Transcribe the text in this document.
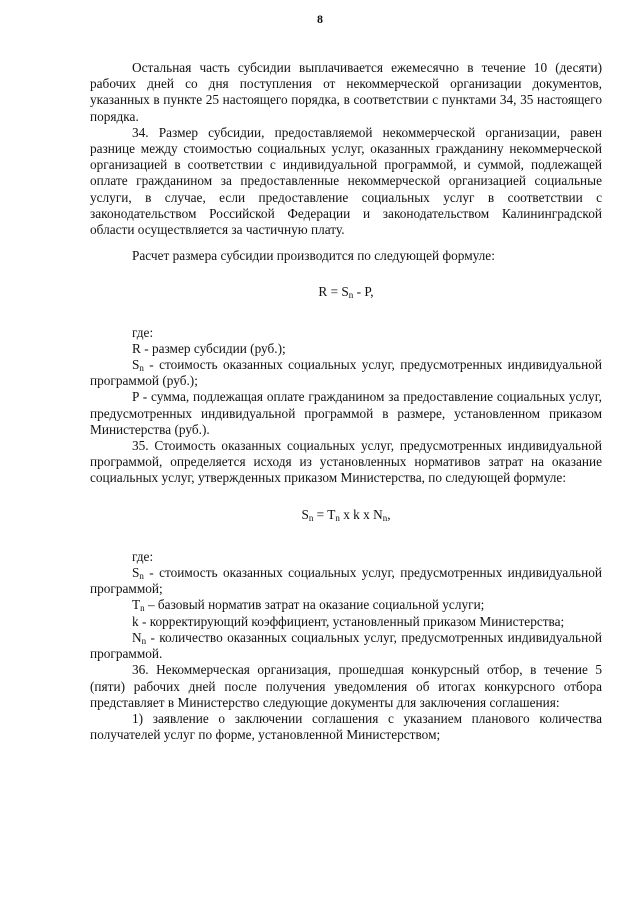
8

Остальная часть субсидии выплачивается ежемесячно в течение 10 (десяти) рабочих дней со дня поступления от некоммерческой организации документов, указанных в пункте 25 настоящего порядка, в соответствии с пунктами 34, 35 настоящего порядка.

34. Размер субсидии, предоставляемой некоммерческой организации, равен разнице между стоимостью социальных услуг, оказанных гражданину некоммерческой организацией в соответствии с индивидуальной программой, и суммой, подлежащей оплате гражданином за предоставленные некоммерческой организацией социальные услуги, в случае, если предоставление социальных услуг в соответствии с законодательством Российской Федерации и законодательством Калининградской области осуществляется за частичную плату.

Расчет размера субсидии производится по следующей формуле:

$R = S_n - P$,

где:

R - размер субсидии (руб.);

$S_n$ - стоимость оказанных социальных услуг, предусмотренных индивидуальной программой (руб.);

P - сумма, подлежащая оплате гражданином за предоставление социальных услуг, предусмотренных индивидуальной программой в размере, установленном приказом Министерства (руб.).

35. Стоимость оказанных социальных услуг, предусмотренных индивидуальной программой, определяется исходя из установленных нормативов затрат на оказание социальных услуг, утвержденных приказом Министерства, по следующей формуле:

$S_n = T_n$ x k x $N_n$,

где:

$S_n$ - стоимость оказанных социальных услуг, предусмотренных индивидуальной программой;

$T_n$ – базовый норматив затрат на оказание социальной услуги;

k - корректирующий коэффициент, установленный приказом Министерства;

$N_n$ - количество оказанных социальных услуг, предусмотренных индивидуальной программой.

36. Некоммерческая организация, прошедшая конкурсный отбор, в течение 5 (пяти) рабочих дней после получения уведомления об итогах конкурсного отбора представляет в Министерство следующие документы для заключения соглашения:

1) заявление о заключении соглашения с указанием планового количества получателей услуг по форме, установленной Министерством;
